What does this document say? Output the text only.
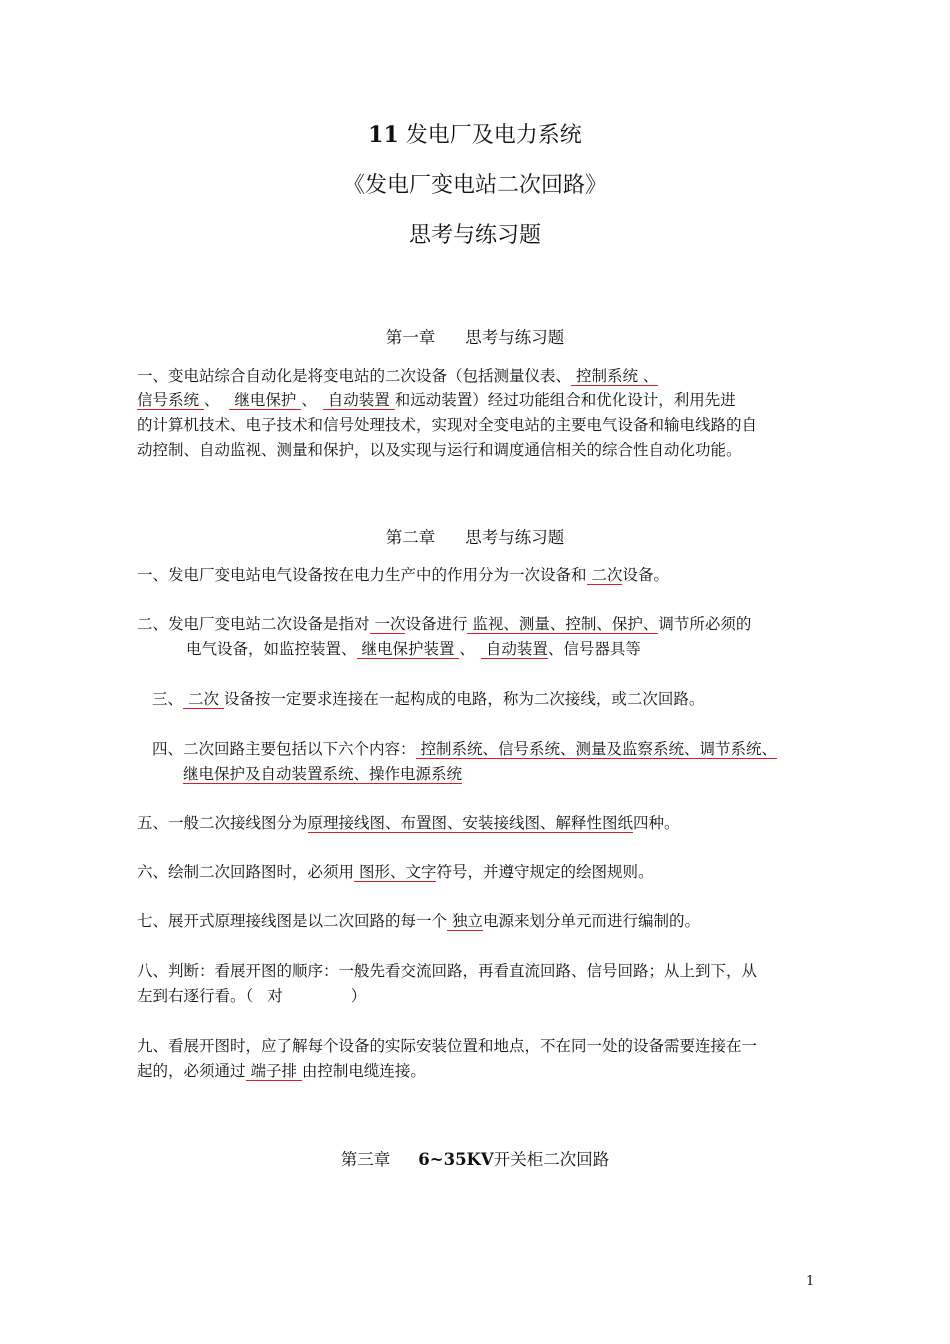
11 发电厂及电力系统
《发电厂变电站二次回路》
思考与练习题
第一章 思考与练习题
一、变电站综合自动化是将变电站的二次设备（包括测量仪表、 控制系统 、
信号系统 、 继电保护 、 自动装置 和远动装置）经过功能组合和优化设计，利用先进
的计算机技术、电子技术和信号处理技术，实现对全变电站的主要电气设备和输电线路的自
动控制、自动监视、测量和保护，以及实现与运行和调度通信相关的综合性自动化功能。
第二章 思考与练习题
一、发电厂变电站电气设备按在电力生产中的作用分为一次设备和 二次设备。
二、发电厂变电站二次设备是指对 一次设备进行 监视、测量、控制、保护、调节所必须的
电气设备，如监控装置、 继电保护装置 、 自动装置、信号器具等
三、 二次 设备按一定要求连接在一起构成的电路，称为二次接线，或二次回路。
四、二次回路主要包括以下六个内容： 控制系统、信号系统、测量及监察系统、调节系统、
继电保护及自动装置系统、操作电源系统
五、一般二次接线图分为原理接线图、布置图、安装接线图、解释性图纸四种。
六、绘制二次回路图时，必须用 图形、文字符号，并遵守规定的绘图规则。
七、展开式原理接线图是以二次回路的每一个 独立电源来划分单元而进行编制的。
八、判断：看展开图的顺序：一般先看交流回路，再看直流回路、信号回路；从上到下，从
左到右逐行看。（ 对	）
九、看展开图时，应了解每个设备的实际安装位置和地点，不在同一处的设备需要连接在一
起的，必须通过 端子排 由控制电缆连接。
第三章 6~35KV开关柜二次回路
1
